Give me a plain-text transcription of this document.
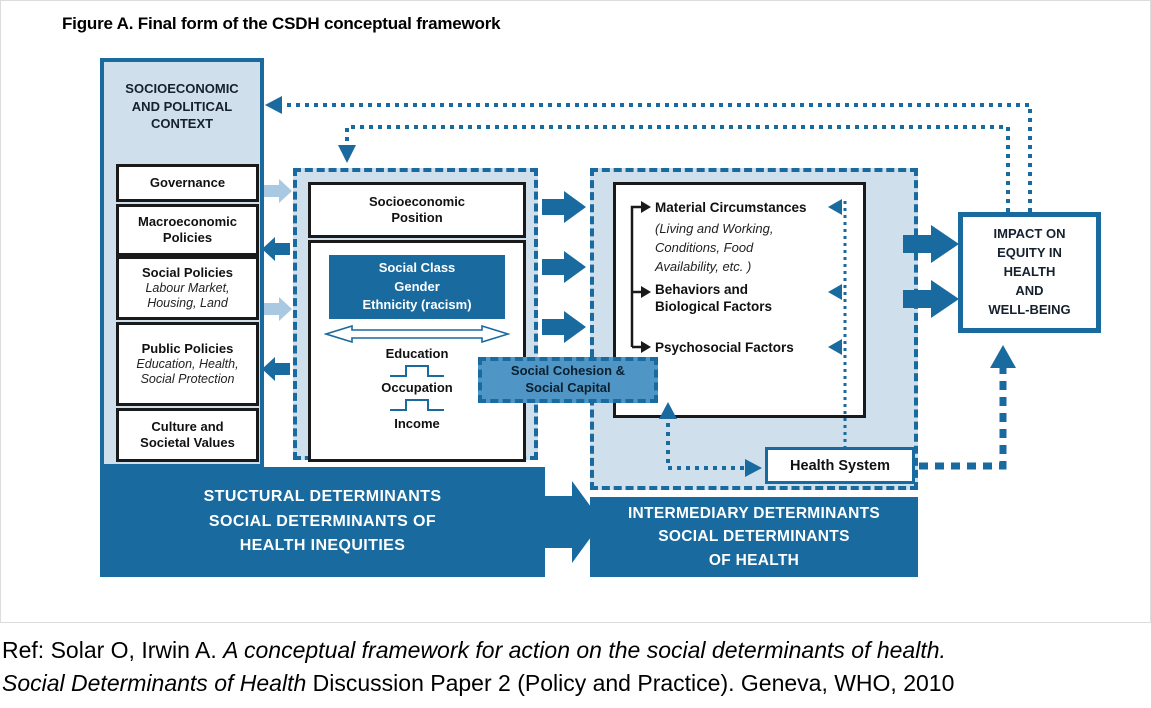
Figure A. Final form of the CSDH conceptual framework
SOCIOECONOMIC AND POLITICAL CONTEXT
Governance
Macroeconomic Policies
Social Policies
Labour Market,
Housing, Land
Public Policies
Education, Health,
Social Protection
Culture and Societal Values
Socioeconomic Position
Social Class
Gender
Ethnicity (racism)
Education
Occupation
Income
Social Cohesion &
Social Capital
Material Circumstances
(Living and Working,
Conditions, Food
Availability, etc. )
Behaviors and
Biological Factors
Psychosocial Factors
Health System
IMPACT ON
EQUITY IN
HEALTH
AND
WELL-BEING
STUCTURAL DETERMINANTS
SOCIAL DETERMINANTS OF
HEALTH INEQUITIES
INTERMEDIARY DETERMINANTS
SOCIAL DETERMINANTS
OF HEALTH
Ref: Solar O, Irwin A. A conceptual framework for action on the social determinants of health.
Social Determinants of Health Discussion Paper 2 (Policy and Practice). Geneva, WHO, 2010
